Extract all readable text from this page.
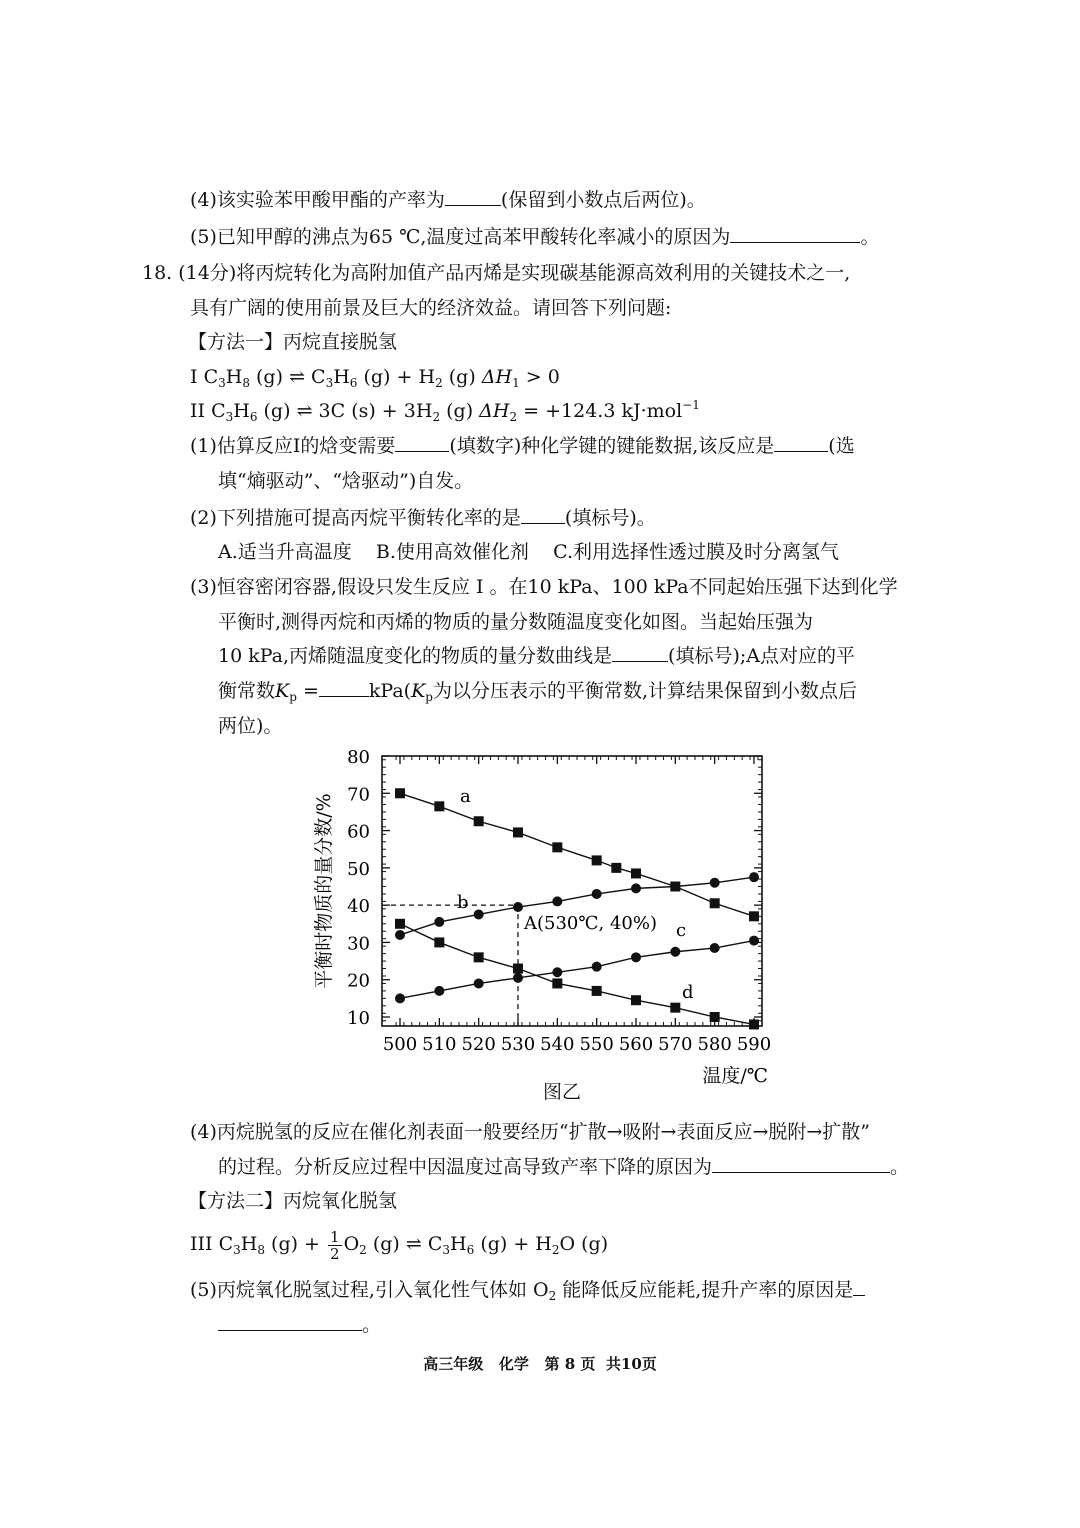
(4)该实验苯甲酸甲酯的产率为	(保留到小数点后两位)。
(5)已知甲醇的沸点为65 ℃,温度过高苯甲酸转化率减小的原因为	。
18. (14分)将丙烷转化为高附加值产品丙烯是实现碳基能源高效利用的关键技术之一,
具有广阔的使用前景及巨大的经济效益。请回答下列问题:
【方法一】丙烷直接脱氢
I $C_3H_8$ (g) ⇌ $C_3H_6$ $(g) + H_2$ (g) $\Delta H_1 > 0$
II $C_3H_6$ (g) ⇌ 3C $(s) + 3H_2$ (g) $\Delta H_2 = +124.3$ kJ·mol$^{-1}$
(1)估算反应I的焓变需要	(填数字)种化学键的键能数据,该反应是	(选
填“熵驱动”、“焓驱动”)自发。
(2)下列措施可提高丙烷平衡转化率的是 (填标号)。
A.适当升高温度    B.使用高效催化剂    C.利用选择性透过膜及时分离氢气
(3)恒容密闭容器,假设只发生反应 I 。在10 kPa、100 kPa不同起始压强下达到化学
平衡时,测得丙烷和丙烯的物质的量分数随温度变化如图。当起始压强为
10 kPa,丙烯随温度变化的物质的量分数曲线是	(填标号);A点对应的平
衡常数$K_p$ =	$kPa(K_p$为以分压表示的平衡常数,计算结果保留到小数点后
两位)。
500 510 520 530 540 550 560 570 580 590
10
20
30
40
50
60
70
80
a
b
c
d
A(530℃, 40%)
温度/℃
平衡时物质的量分数/%
图乙
(4)丙烷脱氢的反应在催化剂表面一般要经历“扩散→吸附→表面反应→脱附→扩散”
的过程。分析反应过程中因温度过高导致产率下降的原因为	。
【方法二】丙烷氧化脱氢
III $C_3H_8$ $(g) + \frac{1}{2} O_2$ (g) ⇌ $C_3H_6$ $(g) + H_2O$ (g)
(5)丙烷氧化脱氢过程,引入氧化性气体如 $O_2$ 能降低反应能耗,提升产率的原因是
。
高三年级   化学   第 8 页  共10页
